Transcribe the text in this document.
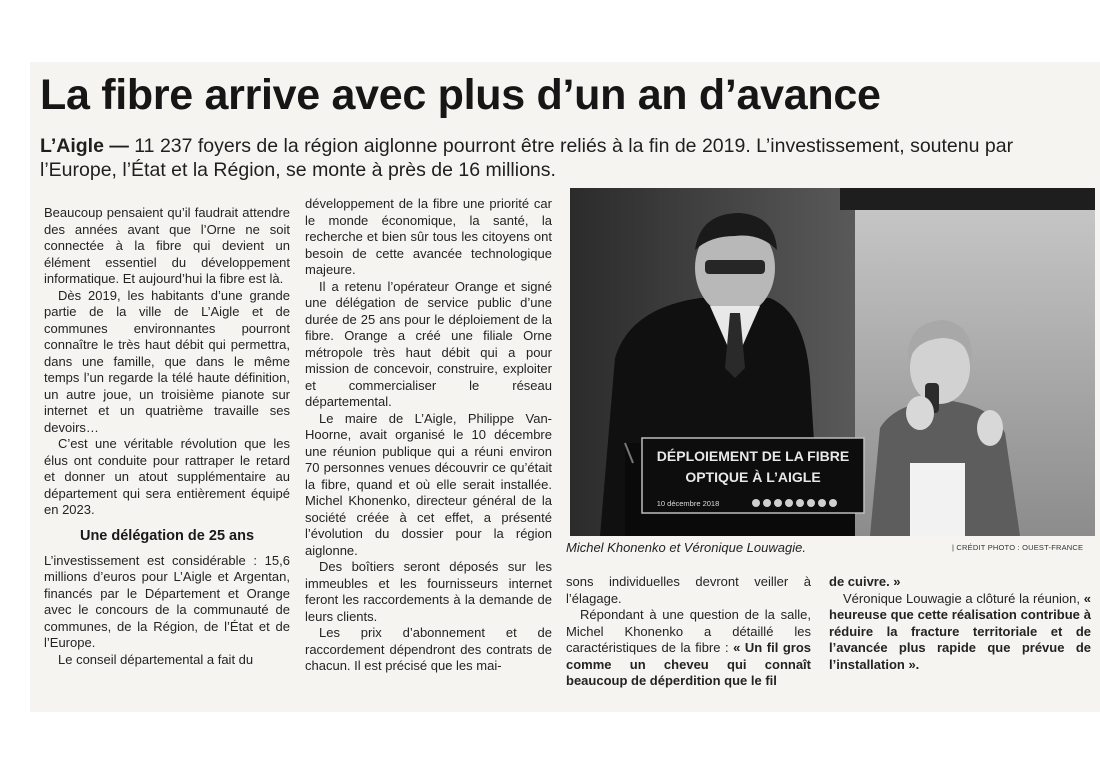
La fibre arrive avec plus d’un an d’avance

L’Aigle — 11 237 foyers de la région aiglonne pourront être reliés à la fin de 2019. L’investissement, soutenu par l’Europe, l’État et la Région, se monte à près de 16 millions.

Beaucoup pensaient qu’il faudrait attendre des années avant que l’Orne ne soit connectée à la fibre qui devient un élément essentiel du développement informatique. Et aujourd’hui la fibre est là.

Dès 2019, les habitants d’une grande partie de la ville de L’Aigle et de communes environnantes pourront connaître le très haut débit qui permettra, dans une famille, que dans le même temps l’un regarde la télé haute définition, un autre joue, un troisième pianote sur internet et un quatrième travaille ses devoirs…

C’est une véritable révolution que les élus ont conduite pour rattraper le retard et donner un atout supplémentaire au département qui sera entièrement équipé en 2023.

Une délégation de 25 ans

L’investissement est considérable : 15,6 millions d’euros pour L’Aigle et Argentan, financés par le Département et Orange avec le concours de la communauté de communes, de la Région, de l’État et de l’Europe.

Le conseil départemental a fait du

développement de la fibre une priorité car le monde économique, la santé, la recherche et bien sûr tous les citoyens ont besoin de cette avancée technologique majeure.

Il a retenu l’opérateur Orange et signé une délégation de service public d’une durée de 25 ans pour le déploiement de la fibre. Orange a créé une filiale Orne métropole très haut débit qui a pour mission de concevoir, construire, exploiter et commercialiser le réseau départemental.

Le maire de L’Aigle, Philippe Van-Hoorne, avait organisé le 10 décembre une réunion publique qui a réuni environ 70 personnes venues découvrir ce qu’était la fibre, quand et où elle serait installée. Michel Khonenko, directeur général de la société créée à cet effet, a présenté l’évolution du dossier pour la région aiglonne.

Des boîtiers seront déposés sur les immeubles et les fournisseurs internet feront les raccordements à la demande de leurs clients.

Les prix d’abonnement et de raccordement dépendront des contrats de chacun. Il est précisé que les mai-

DÉPLOIEMENT DE LA FIBRE
OPTIQUE À L’AIGLE
10 décembre 2018
Michel Khonenko et Véronique Louwagie.	| CRÉDIT PHOTO : OUEST-FRANCE

sons individuelles devront veiller à l’élagage.

Répondant à une question de la salle, Michel Khonenko a détaillé les caractéristiques de la fibre : « Un fil gros comme un cheveu qui connaît beaucoup de déperdition que le fil

de cuivre. »

Véronique Louwagie a clôturé la réunion, « heureuse que cette réalisation contribue à réduire la fracture territoriale et de l’avancée plus rapide que prévue de l’installation ».
